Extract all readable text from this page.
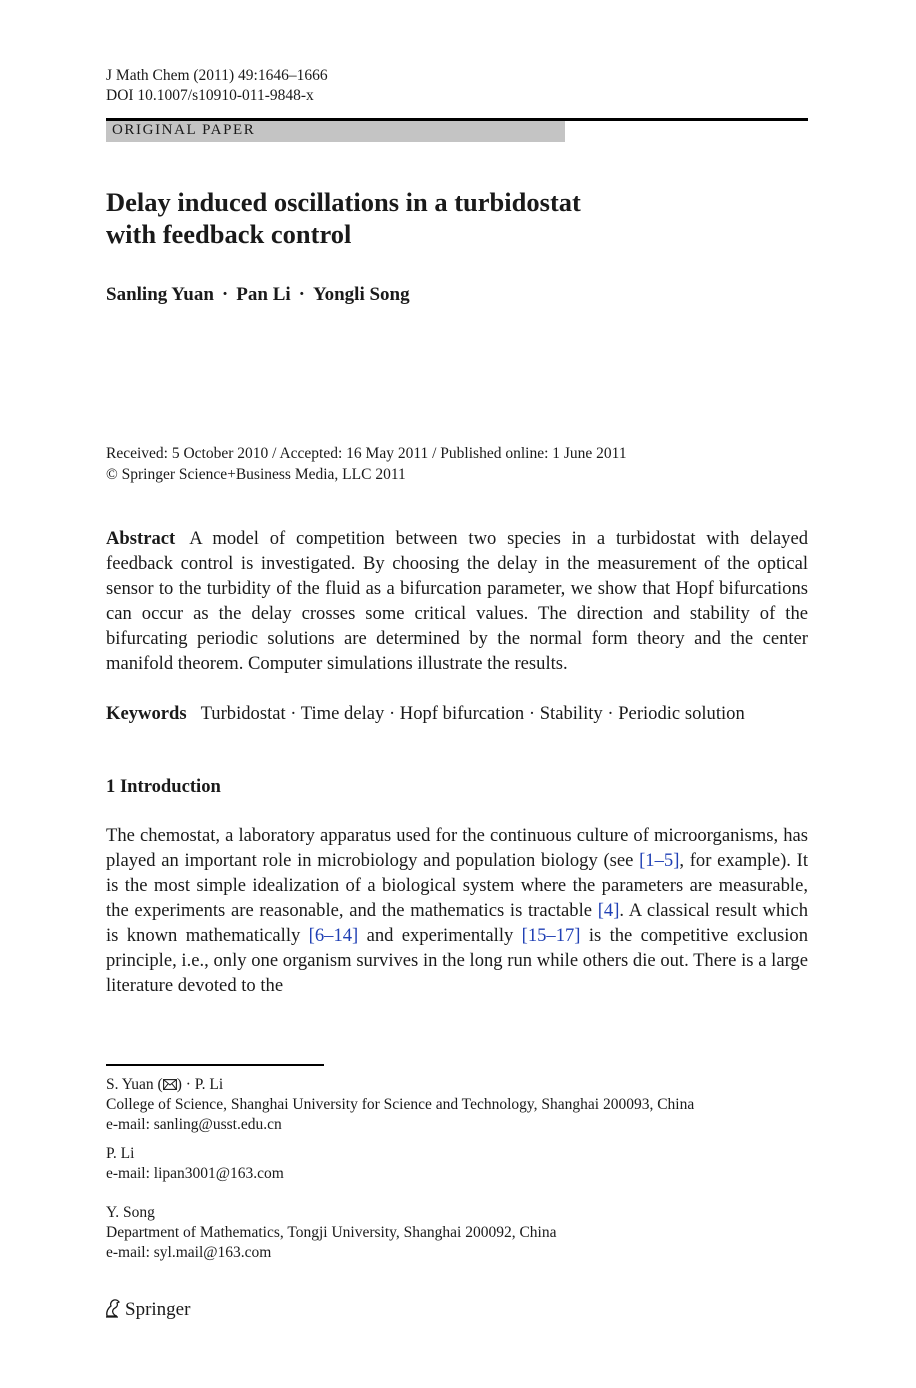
J Math Chem (2011) 49:1646–1666
DOI 10.1007/s10910-011-9848-x
ORIGINAL PAPER
Delay induced oscillations in a turbidostat
with feedback control
Sanling Yuan · Pan Li · Yongli Song
Received: 5 October 2010 / Accepted: 16 May 2011 / Published online: 1 June 2011
© Springer Science+Business Media, LLC 2011
Abstract A model of competition between two species in a turbidostat with delayed feedback control is investigated. By choosing the delay in the measurement of the optical sensor to the turbidity of the fluid as a bifurcation parameter, we show that Hopf bifurcations can occur as the delay crosses some critical values. The direction and stability of the bifurcating periodic solutions are determined by the normal form theory and the center manifold theorem. Computer simulations illustrate the results.
Keywords Turbidostat · Time delay · Hopf bifurcation · Stability · Periodic solution
1 Introduction
The chemostat, a laboratory apparatus used for the continuous culture of microorganisms, has played an important role in microbiology and population biology (see [1–5], for example). It is the most simple idealization of a biological system where the parameters are measurable, the experiments are reasonable, and the mathematics is tractable [4]. A classical result which is known mathematically [6–14] and experimentally [15–17] is the competitive exclusion principle, i.e., only one organism survives in the long run while others die out. There is a large literature devoted to the
S. Yuan ( ) · P. Li
College of Science, Shanghai University for Science and Technology, Shanghai 200093, China
e-mail: sanling@usst.edu.cn
P. Li
e-mail: lipan3001@163.com
Y. Song
Department of Mathematics, Tongji University, Shanghai 200092, China
e-mail: syl.mail@163.com
Springer
